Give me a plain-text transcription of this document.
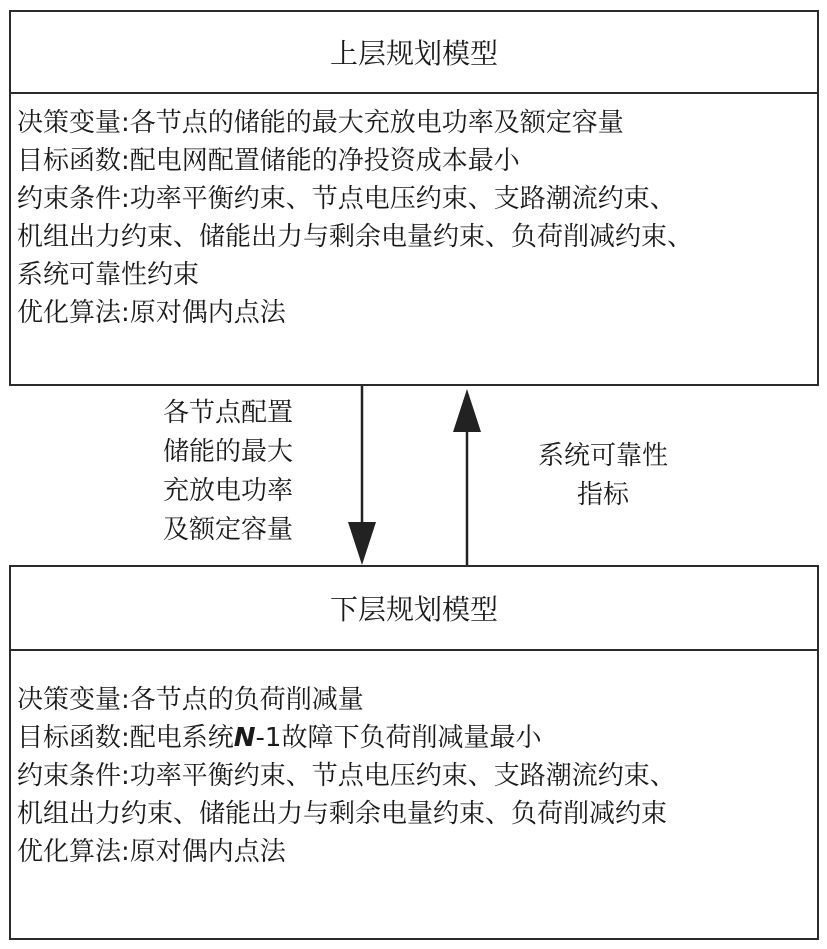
上层规划模型
决策变量:各节点的储能的最大充放电功率及额定容量
目标函数:配电网配置储能的净投资成本最小
约束条件:功率平衡约束、节点电压约束、支路潮流约束、
机组出力约束、储能出力与剩余电量约束、负荷削减约束、
系统可靠性约束
优化算法:原对偶内点法
各节点配置
储能的最大
充放电功率
及额定容量
系统可靠性
指标
下层规划模型
决策变量:各节点的负荷削减量
目标函数:配电系统N-1故障下负荷削减量最小
约束条件:功率平衡约束、节点电压约束、支路潮流约束、
机组出力约束、储能出力与剩余电量约束、负荷削减约束
优化算法:原对偶内点法
